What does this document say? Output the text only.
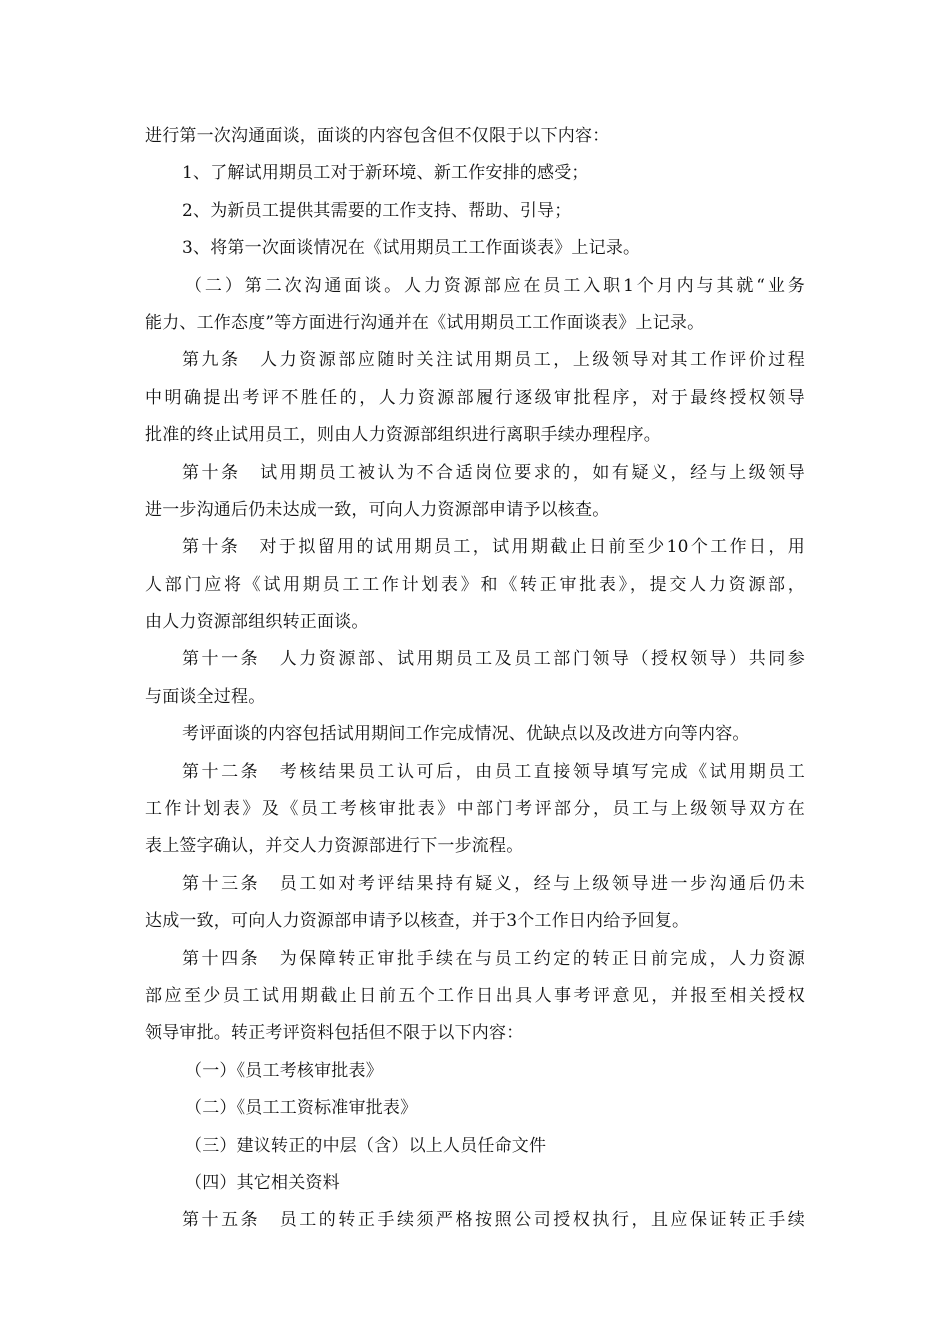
进行第一次沟通面谈，面谈的内容包含但不仅限于以下内容：
1、了解试用期员工对于新环境、新工作安排的感受；
2、为新员工提供其需要的工作支持、帮助、引导；
3、将第一次面谈情况在《试用期员工工作面谈表》上记录。
（二）第二次沟通面谈。人力资源部应在员工入职1个月内与其就“业务
能力、工作态度”等方面进行沟通并在《试用期员工工作面谈表》上记录。
第九条　人力资源部应随时关注试用期员工，上级领导对其工作评价过程
中明确提出考评不胜任的，人力资源部履行逐级审批程序，对于最终授权领导
批准的终止试用员工，则由人力资源部组织进行离职手续办理程序。
第十条　试用期员工被认为不合适岗位要求的，如有疑义，经与上级领导
进一步沟通后仍未达成一致，可向人力资源部申请予以核查。
第十条　对于拟留用的试用期员工，试用期截止日前至少10个工作日，用
人部门应将《试用期员工工作计划表》和《转正审批表》，提交人力资源部，
由人力资源部组织转正面谈。
第十一条　人力资源部、试用期员工及员工部门领导（授权领导）共同参
与面谈全过程。
考评面谈的内容包括试用期间工作完成情况、优缺点以及改进方向等内容。
第十二条　考核结果员工认可后，由员工直接领导填写完成《试用期员工
工作计划表》及《员工考核审批表》中部门考评部分，员工与上级领导双方在
表上签字确认，并交人力资源部进行下一步流程。
第十三条　员工如对考评结果持有疑义，经与上级领导进一步沟通后仍未
达成一致，可向人力资源部申请予以核查，并于3个工作日内给予回复。
第十四条　为保障转正审批手续在与员工约定的转正日前完成，人力资源
部应至少员工试用期截止日前五个工作日出具人事考评意见，并报至相关授权
领导审批。转正考评资料包括但不限于以下内容：
（一）《员工考核审批表》
（二）《员工工资标准审批表》
（三）建议转正的中层（含）以上人员任命文件
（四）其它相关资料
第十五条　员工的转正手续须严格按照公司授权执行，且应保证转正手续
